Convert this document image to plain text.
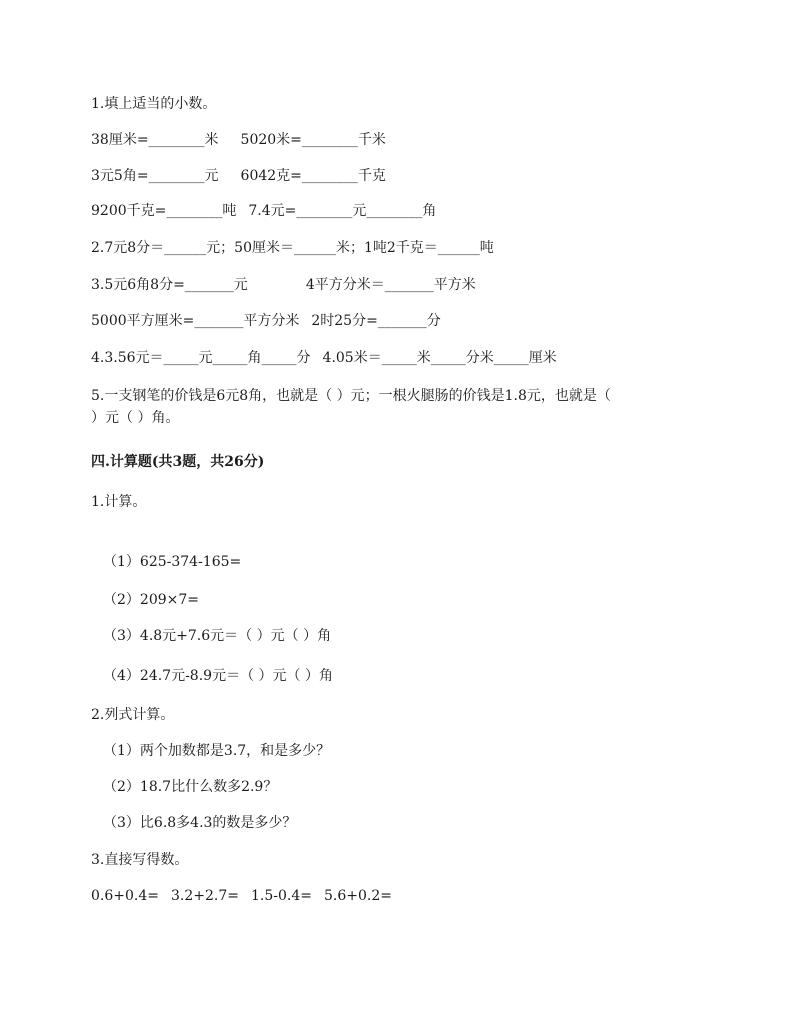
1.填上适当的小数。
38厘米=________米 5020米=________千米
3元5角=________元 6042克=________千克
9200千克=________吨 7.4元=________元________角
2.7元8分＝______元；50厘米＝______米；1吨2千克＝______吨
3.5元6角8分=_______元	4平方分米＝_______平方米
5000平方厘米=_______平方分米 2时25分=_______分
4.3.56元＝_____元_____角_____分 4.05米＝_____米_____分米_____厘米
5.一支钢笔的价钱是6元8角，也就是（ ）元；一根火腿肠的价钱是1.8元，也就是（
）元（ ）角。
四.计算题(共3题，共26分)
1.计算。
（1）625-374-165=
（2）209×7=
（3）4.8元+7.6元＝（ ）元（ ）角
（4）24.7元-8.9元＝（ ）元（ ）角
2.列式计算。
（1）两个加数都是3.7，和是多少？
（2）18.7比什么数多2.9？
（3）比6.8多4.3的数是多少？
3.直接写得数。
0.6+0.4= 3.2+2.7= 1.5-0.4= 5.6+0.2=
